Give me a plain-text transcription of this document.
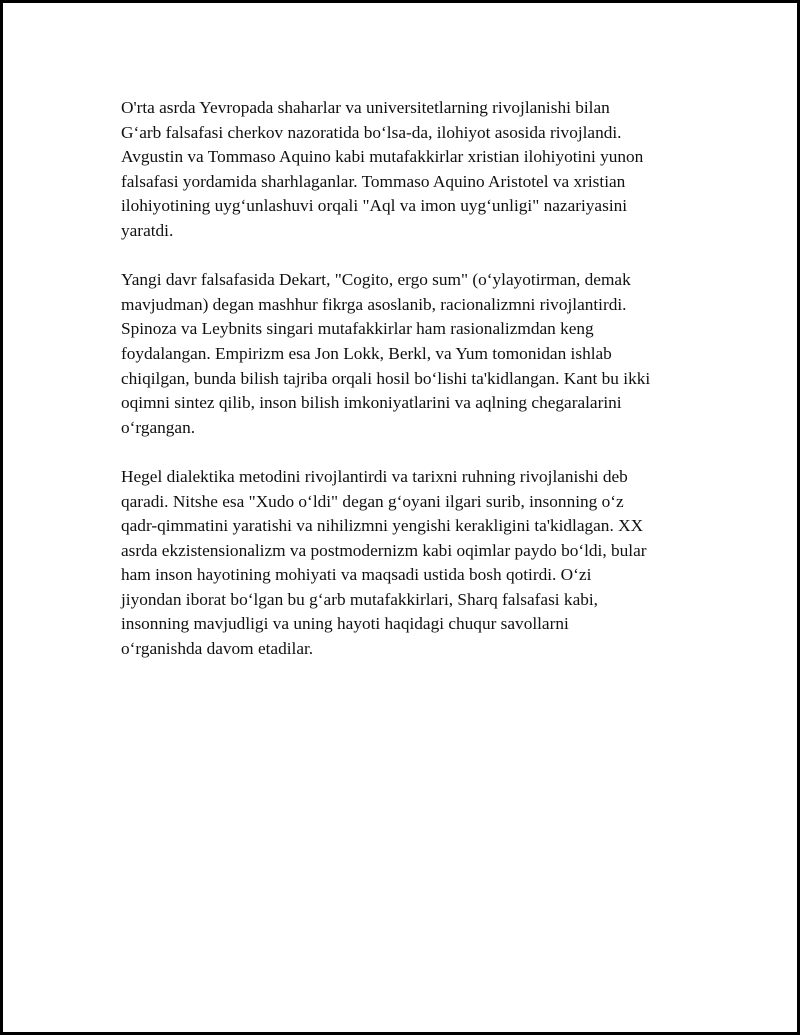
O'rta asrda Yevropada shaharlar va universitetlarning rivojlanishi bilan
G‘arb falsafasi cherkov nazoratida bo‘lsa-da, ilohiyot asosida rivojlandi.
Avgustin va Tommaso Aquino kabi mutafakkirlar xristian ilohiyotini yunon
falsafasi yordamida sharhlaganlar. Tommaso Aquino Aristotel va xristian
ilohiyotining uyg‘unlashuvi orqali "Aql va imon uyg‘unligi" nazariyasini
yaratdi.

Yangi davr falsafasida Dekart, "Cogito, ergo sum" (o‘ylayotirman, demak
mavjudman) degan mashhur fikrga asoslanib, racionalizmni rivojlantirdi.
Spinoza va Leybnits singari mutafakkirlar ham rasionalizmdan keng
foydalangan. Empirizm esa Jon Lokk, Berkl, va Yum tomonidan ishlab
chiqilgan, bunda bilish tajriba orqali hosil bo‘lishi ta'kidlangan. Kant bu ikki
oqimni sintez qilib, inson bilish imkoniyatlarini va aqlning chegaralarini
o‘rgangan.

Hegel dialektika metodini rivojlantirdi va tarixni ruhning rivojlanishi deb
qaradi. Nitshe esa "Xudo o‘ldi" degan g‘oyani ilgari surib, insonning o‘z
qadr-qimmatini yaratishi va nihilizmni yengishi kerakligini ta'kidlagan. XX
asrda ekzistensionalizm va postmodernizm kabi oqimlar paydo bo‘ldi, bular
ham inson hayotining mohiyati va maqsadi ustida bosh qotirdi. O‘zi
jiyondan iborat bo‘lgan bu g‘arb mutafakkirlari, Sharq falsafasi kabi,
insonning mavjudligi va uning hayoti haqidagi chuqur savollarni
o‘rganishda davom etadilar.
